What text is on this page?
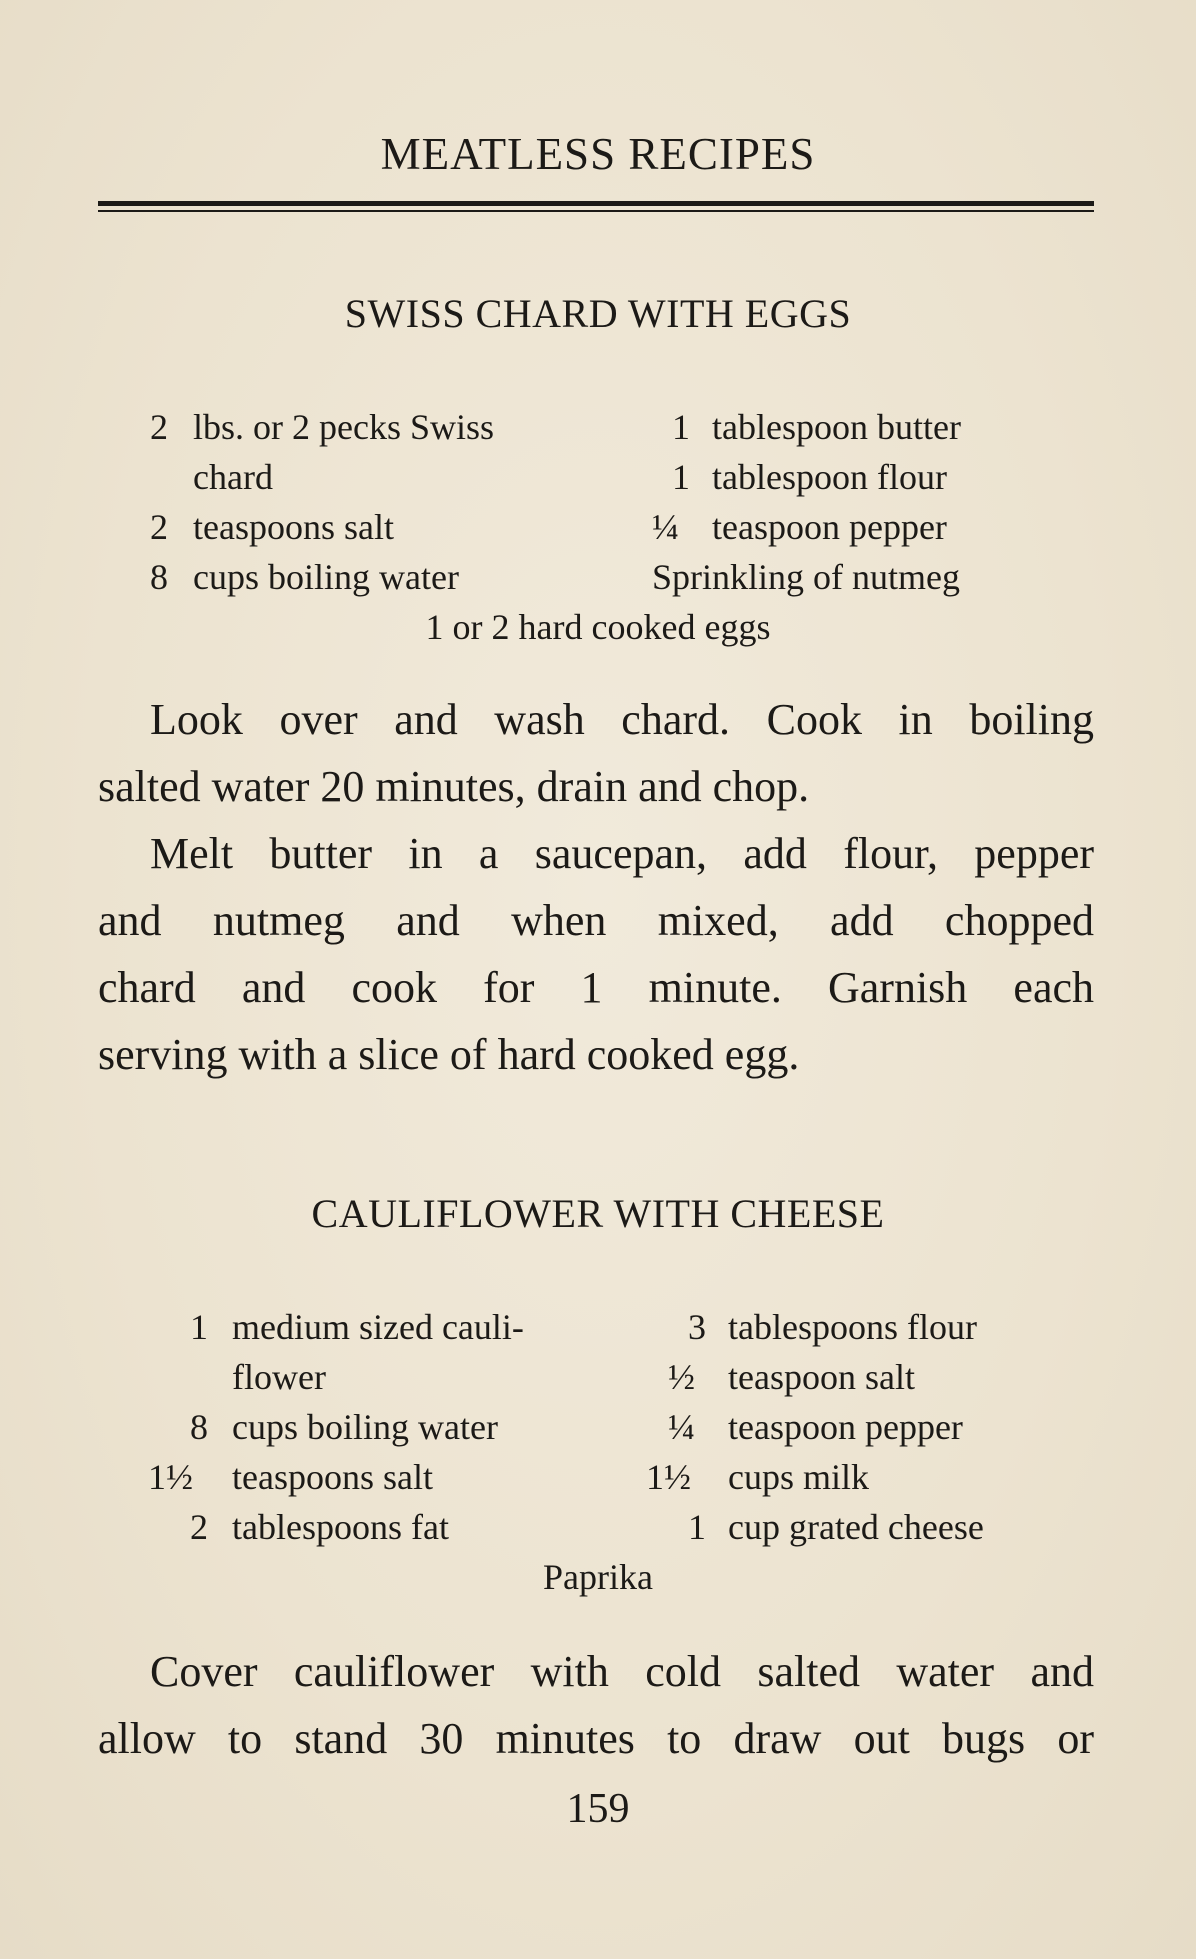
MEATLESS RECIPES
SWISS CHARD WITH EGGS
2 lbs. or 2 pecks Swiss	1 tablespoon butter
chard	1 tablespoon flour
2 teaspoons salt	¼ teaspoon pepper
8 cups boiling water	Sprinkling of nutmeg
1 or 2 hard cooked eggs
Look over and wash chard. Cook in boiling
salted water 20 minutes, drain and chop.
Melt butter in a saucepan, add flour, pepper
and nutmeg and when mixed, add chopped
chard and cook for 1 minute. Garnish each
serving with a slice of hard cooked egg.
CAULIFLOWER WITH CHEESE
1 medium sized cauli-	3 tablespoons flour
flower	½ teaspoon salt
8 cups boiling water	¼ teaspoon pepper
1½ teaspoons salt	1½ cups milk
2 tablespoons fat	1 cup grated cheese
Paprika
Cover cauliflower with cold salted water and
allow to stand 30 minutes to draw out bugs or
159
